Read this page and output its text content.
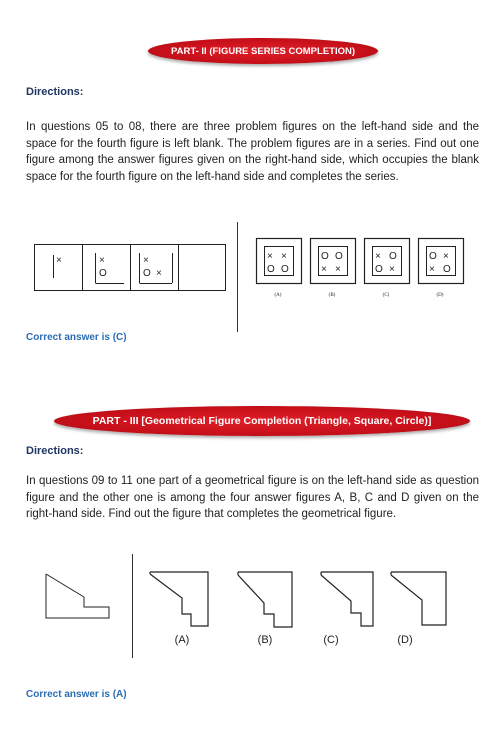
PART- II (FIGURE SERIES COMPLETION)
Directions:

In questions 05 to 08, there are three problem figures on the left-hand side and the space for the fourth figure is left blank. The problem figures are in a series. Find out one figure among the answer figures given on the right-hand side, which occupies the blank space for the fourth figure on the left-hand side and completes the series.

×	×
O
×
O ×
× ×
O O
O O
× ×
× O
O ×
O ×
× O
(A)	(B)	(C)	(D)
Correct answer is (C)
PART - III [Geometrical Figure Completion (Triangle, Square, Circle)]
Directions:

In questions 09 to 11 one part of a geometrical figure is on the left-hand side as question figure and the other one is among the four answer figures A, B, C and D given on the right-hand side. Find out the figure that completes the geometrical figure.

(A)	(B)	(C)	(D)
Correct answer is (A)
